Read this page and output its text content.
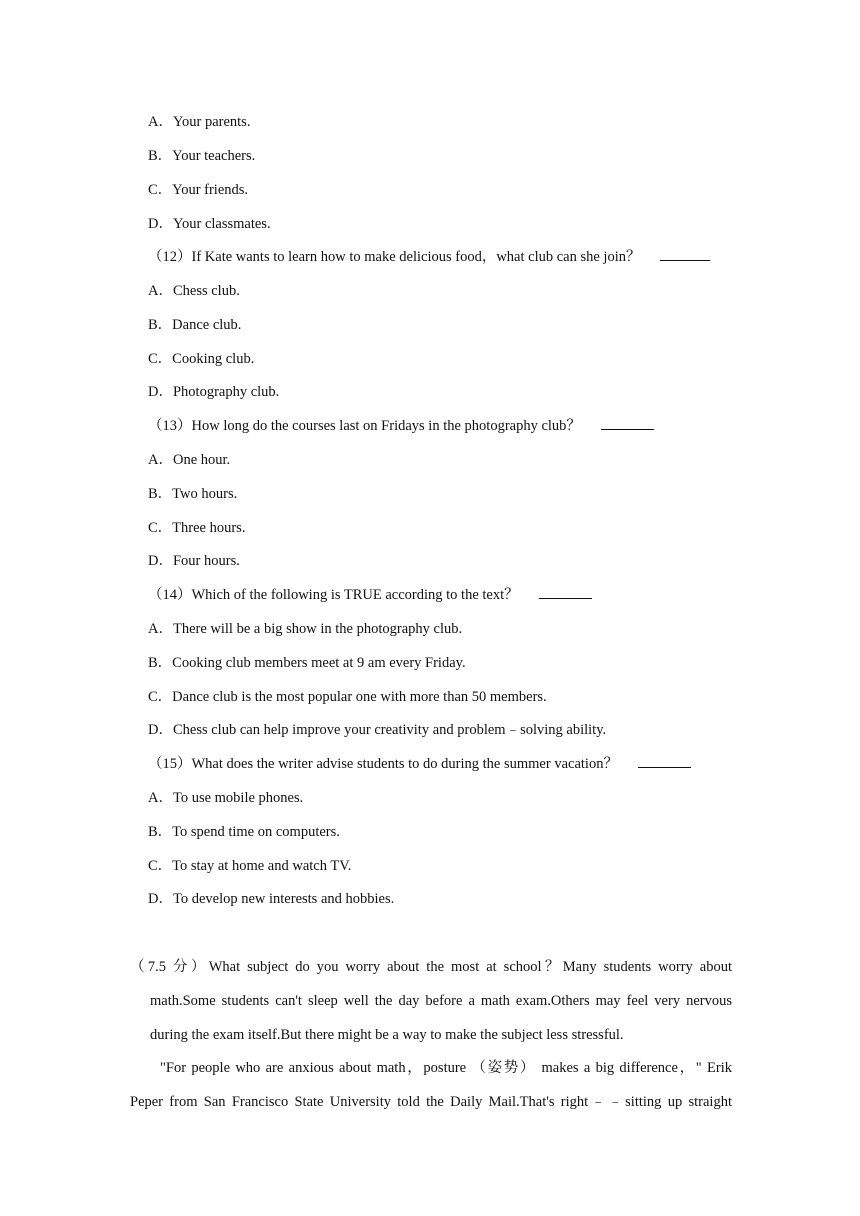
A．Your parents.
B．Your teachers.
C．Your friends.
D．Your classmates.
（12）If Kate wants to learn how to make delicious food，what club can she join？
A．Chess club.
B．Dance club.
C．Cooking club.
D．Photography club.
（13）How long do the courses last on Fridays in the photography club？
A．One hour.
B．Two hours.
C．Three hours.
D．Four hours.
（14）Which of the following is TRUE according to the text？
A．There will be a big show in the photography club.
B．Cooking club members meet at 9 am every Friday.
C．Dance club is the most popular one with more than 50 members.
D．Chess club can help improve your creativity and problem﹣solving ability.
（15）What does the writer advise students to do during the summer vacation？
A．To use mobile phones.
B．To spend time on computers.
C．To stay at home and watch TV.
D．To develop new interests and hobbies.
（7.5 分）What subject do you worry about the most at school？Many students worry about
math.Some students can't sleep well the day before a math exam.Others may feel very nervous
during the exam itself.But there might be a way to make the subject less stressful.
"For people who are anxious about math，posture （姿势） makes a big difference，" Erik
Peper from San Francisco State University told the Daily Mail.That's right﹣﹣sitting up straight
